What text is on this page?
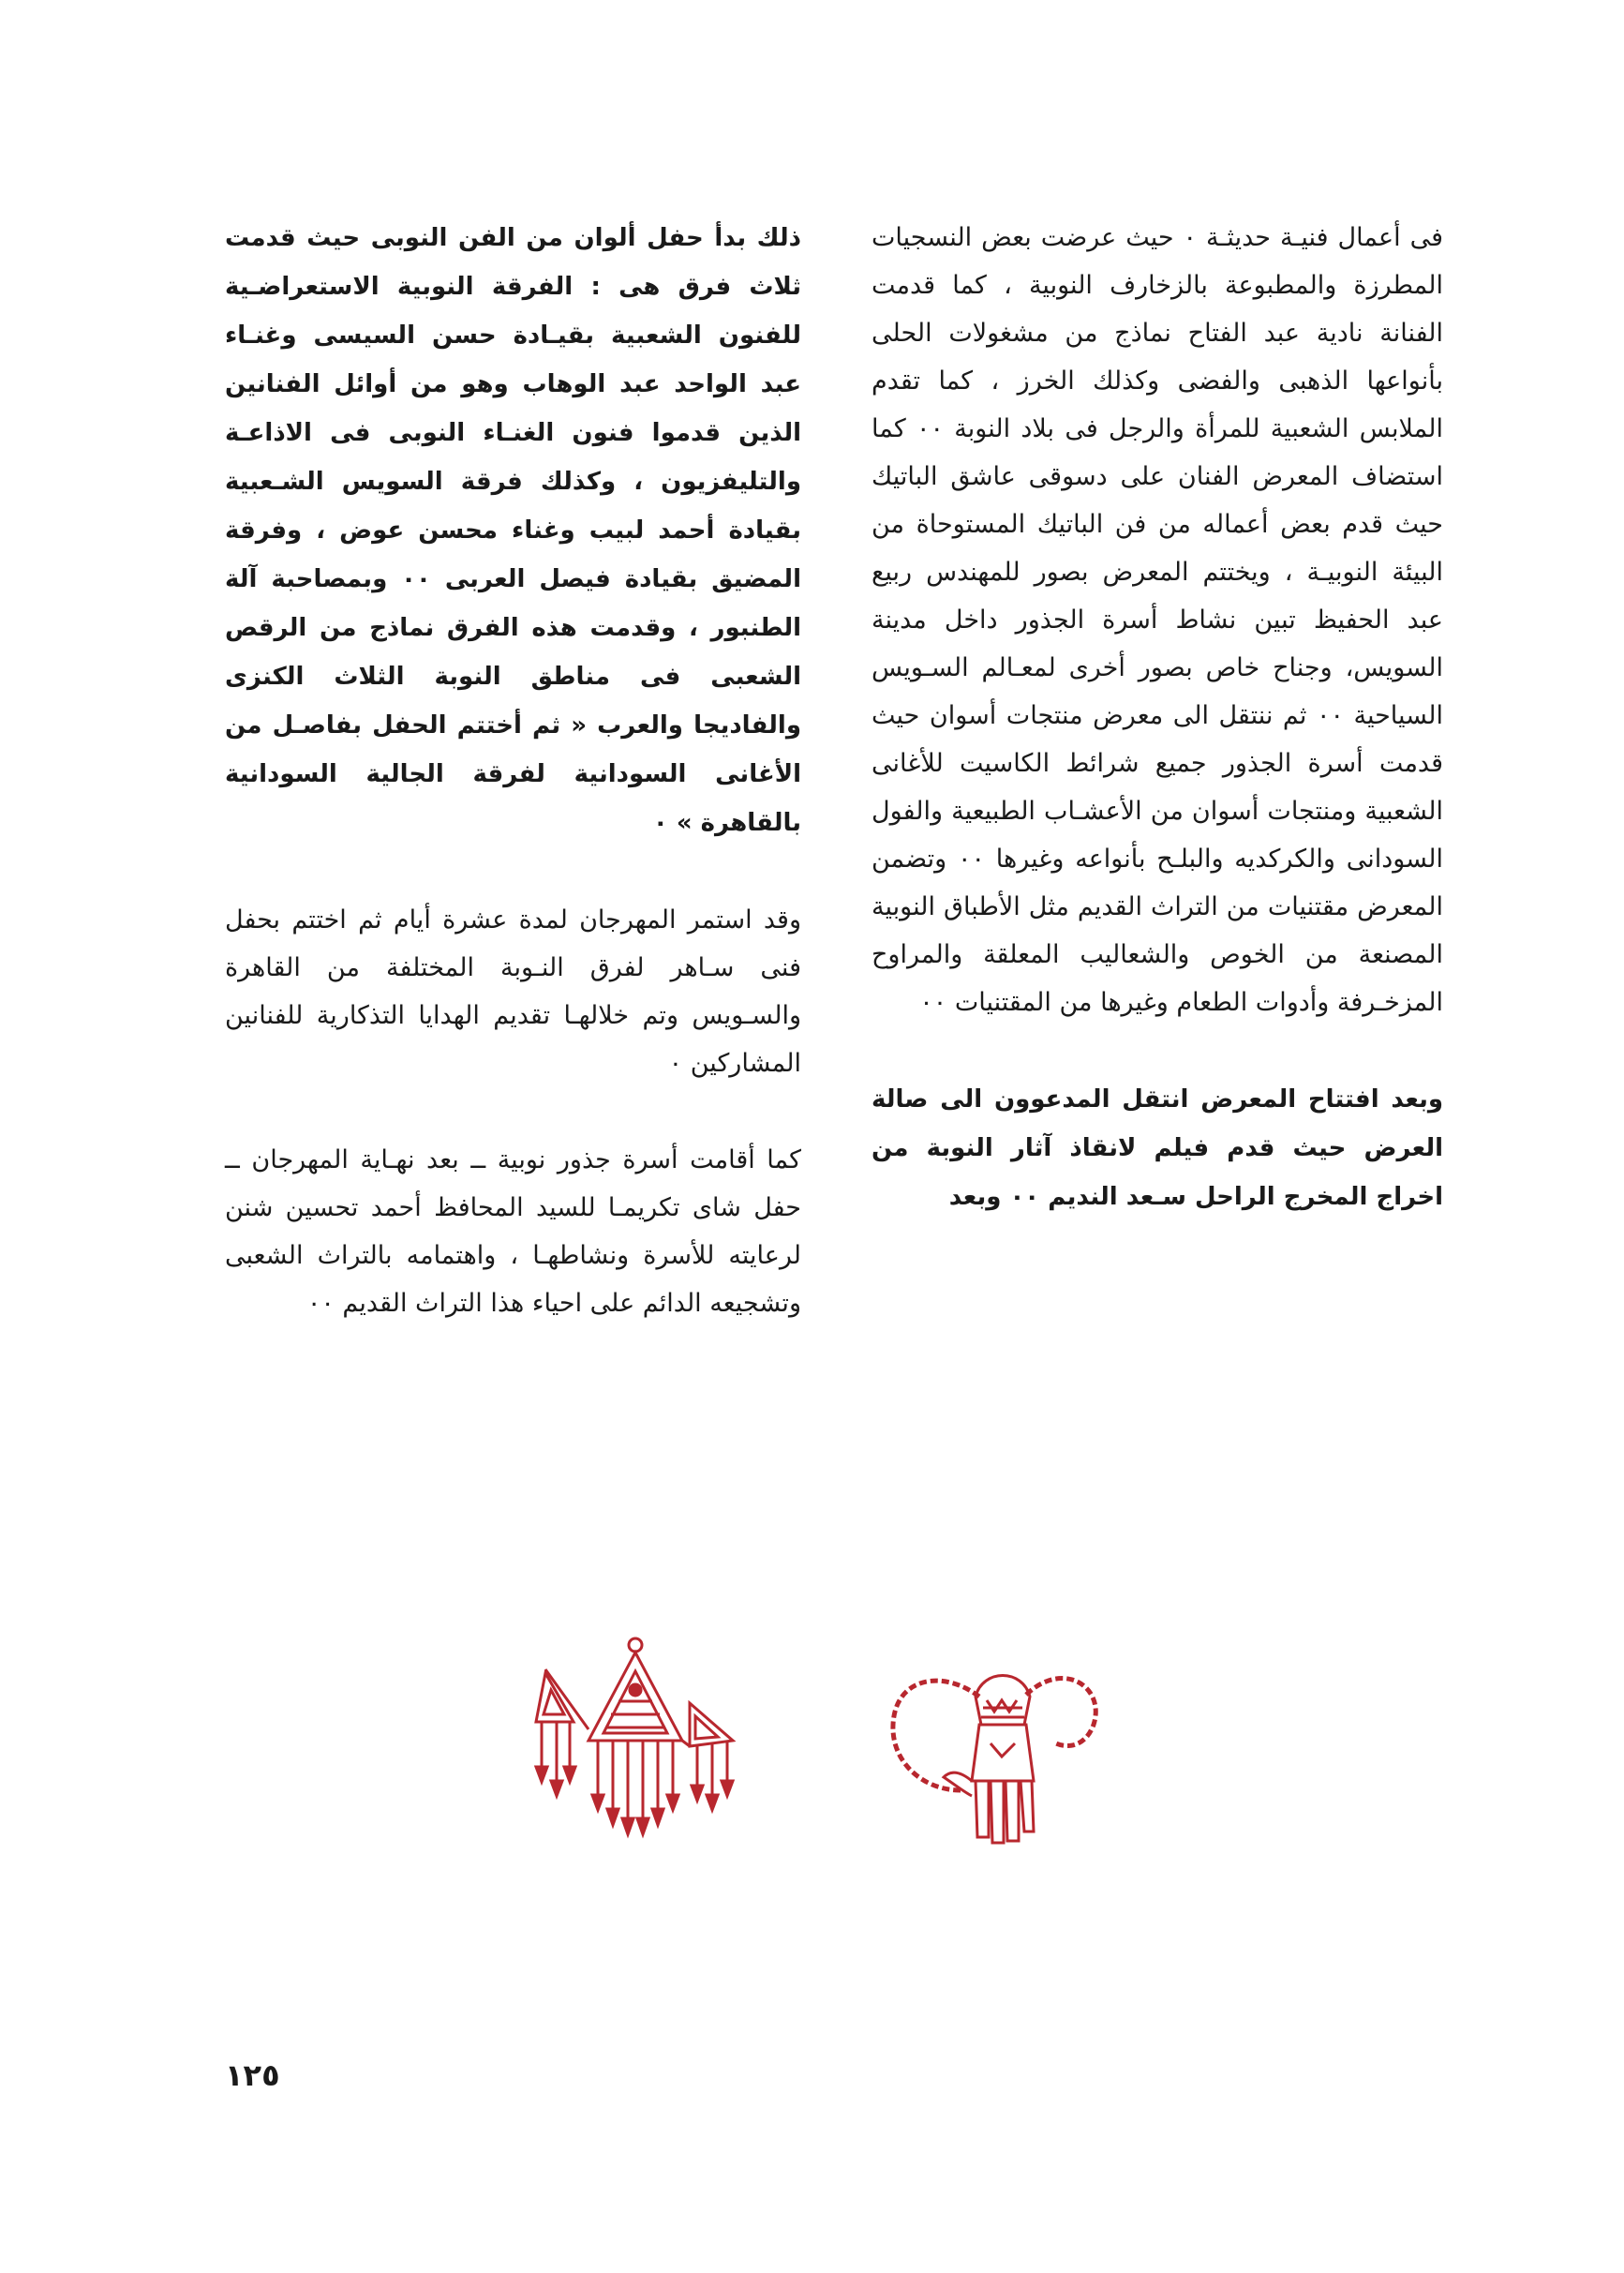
فى أعمال فنيـة حديثـة ٠ حيث عرضت بعض النسجيات المطرزة والمطبوعة بالزخارف النوبية ، كما قدمت الفنانة نادية عبد الفتاح نماذج من مشغولات الحلى بأنواعها الذهبى والفضى وكذلك الخرز ، كما تقدم الملابس الشعبية للمرأة والرجل فى بلاد النوبة ٠٠ كما استضاف المعرض الفنان على دسوقى عاشق الباتيك حيث قدم بعض أعماله من فن الباتيك المستوحاة من البيئة النوبيـة ، ويختتم المعرض بصور للمهندس ربيع عبد الحفيظ تبين نشاط أسرة الجذور داخل مدينة السويس، وجناح خاص بصور أخرى لمعـالم السـويس السياحية ٠٠ ثم ننتقل الى معرض منتجات أسوان حيث قدمت أسرة الجذور جميع شرائط الكاسيت للأغانى الشعبية ومنتجات أسوان من الأعشـاب الطبيعية والفول السودانى والكركديه والبلـح بأنواعه وغيرها ٠٠ وتضمن المعرض مقتنيات من التراث القديم مثل الأطباق النوبية المصنعة من الخوص والشعاليب المعلقة والمراوح المزخـرفة وأدوات الطعام وغيرها من المقتنيات ٠٠

وبعد افتتاح المعرض انتقل المدعوون الى صالة العرض حيث قدم فيلم لانقاذ آثار النوبة من اخراج المخرج الراحل سـعد النديم ٠٠ وبعد

ذلك بدأ حفل ألوان من الفن النوبى حيث قدمت ثلاث فرق هى : الفرقة النوبية الاستعراضـية للفنون الشعبية بقيـادة حسن السيسى وغنـاء عبد الواحد عبد الوهاب وهو من أوائل الفنانين الذين قدموا فنون الغنـاء النوبى فى الاذاعـة والتليفزيون ، وكذلك فرقة السويس الشـعبية بقيادة أحمد لبيب وغناء محسن عوض ، وفرقة المضيق بقيادة فيصل العربى ٠٠ وبمصاحبة آلة الطنبور ، وقدمت هذه الفرق نماذج من الرقص الشعبى فى مناطق النوبة الثلاث الكنزى والفاديجا والعرب « ثم أختتم الحفل بفاصـل من الأغانى السودانية لفرقة الجالية السودانية بالقاهرة » ٠

وقد استمر المهرجان لمدة عشرة أيام ثم اختتم بحفل فنى سـاهر لفرق النـوبة المختلفة من القاهرة والسـويس وتم خلالهـا تقديم الهدايا التذكارية للفنانين المشاركين ٠

كما أقامت أسرة جذور نوبية ــ بعد نهـاية المهرجان ــ حفل شاى تكريمـا للسيد المحافظ أحمد تحسين شنن لرعايته للأسرة ونشاطهـا ، واهتمامه بالتراث الشعبى وتشجيعه الدائم على احياء هذا التراث القديم ٠٠

١٢٥
